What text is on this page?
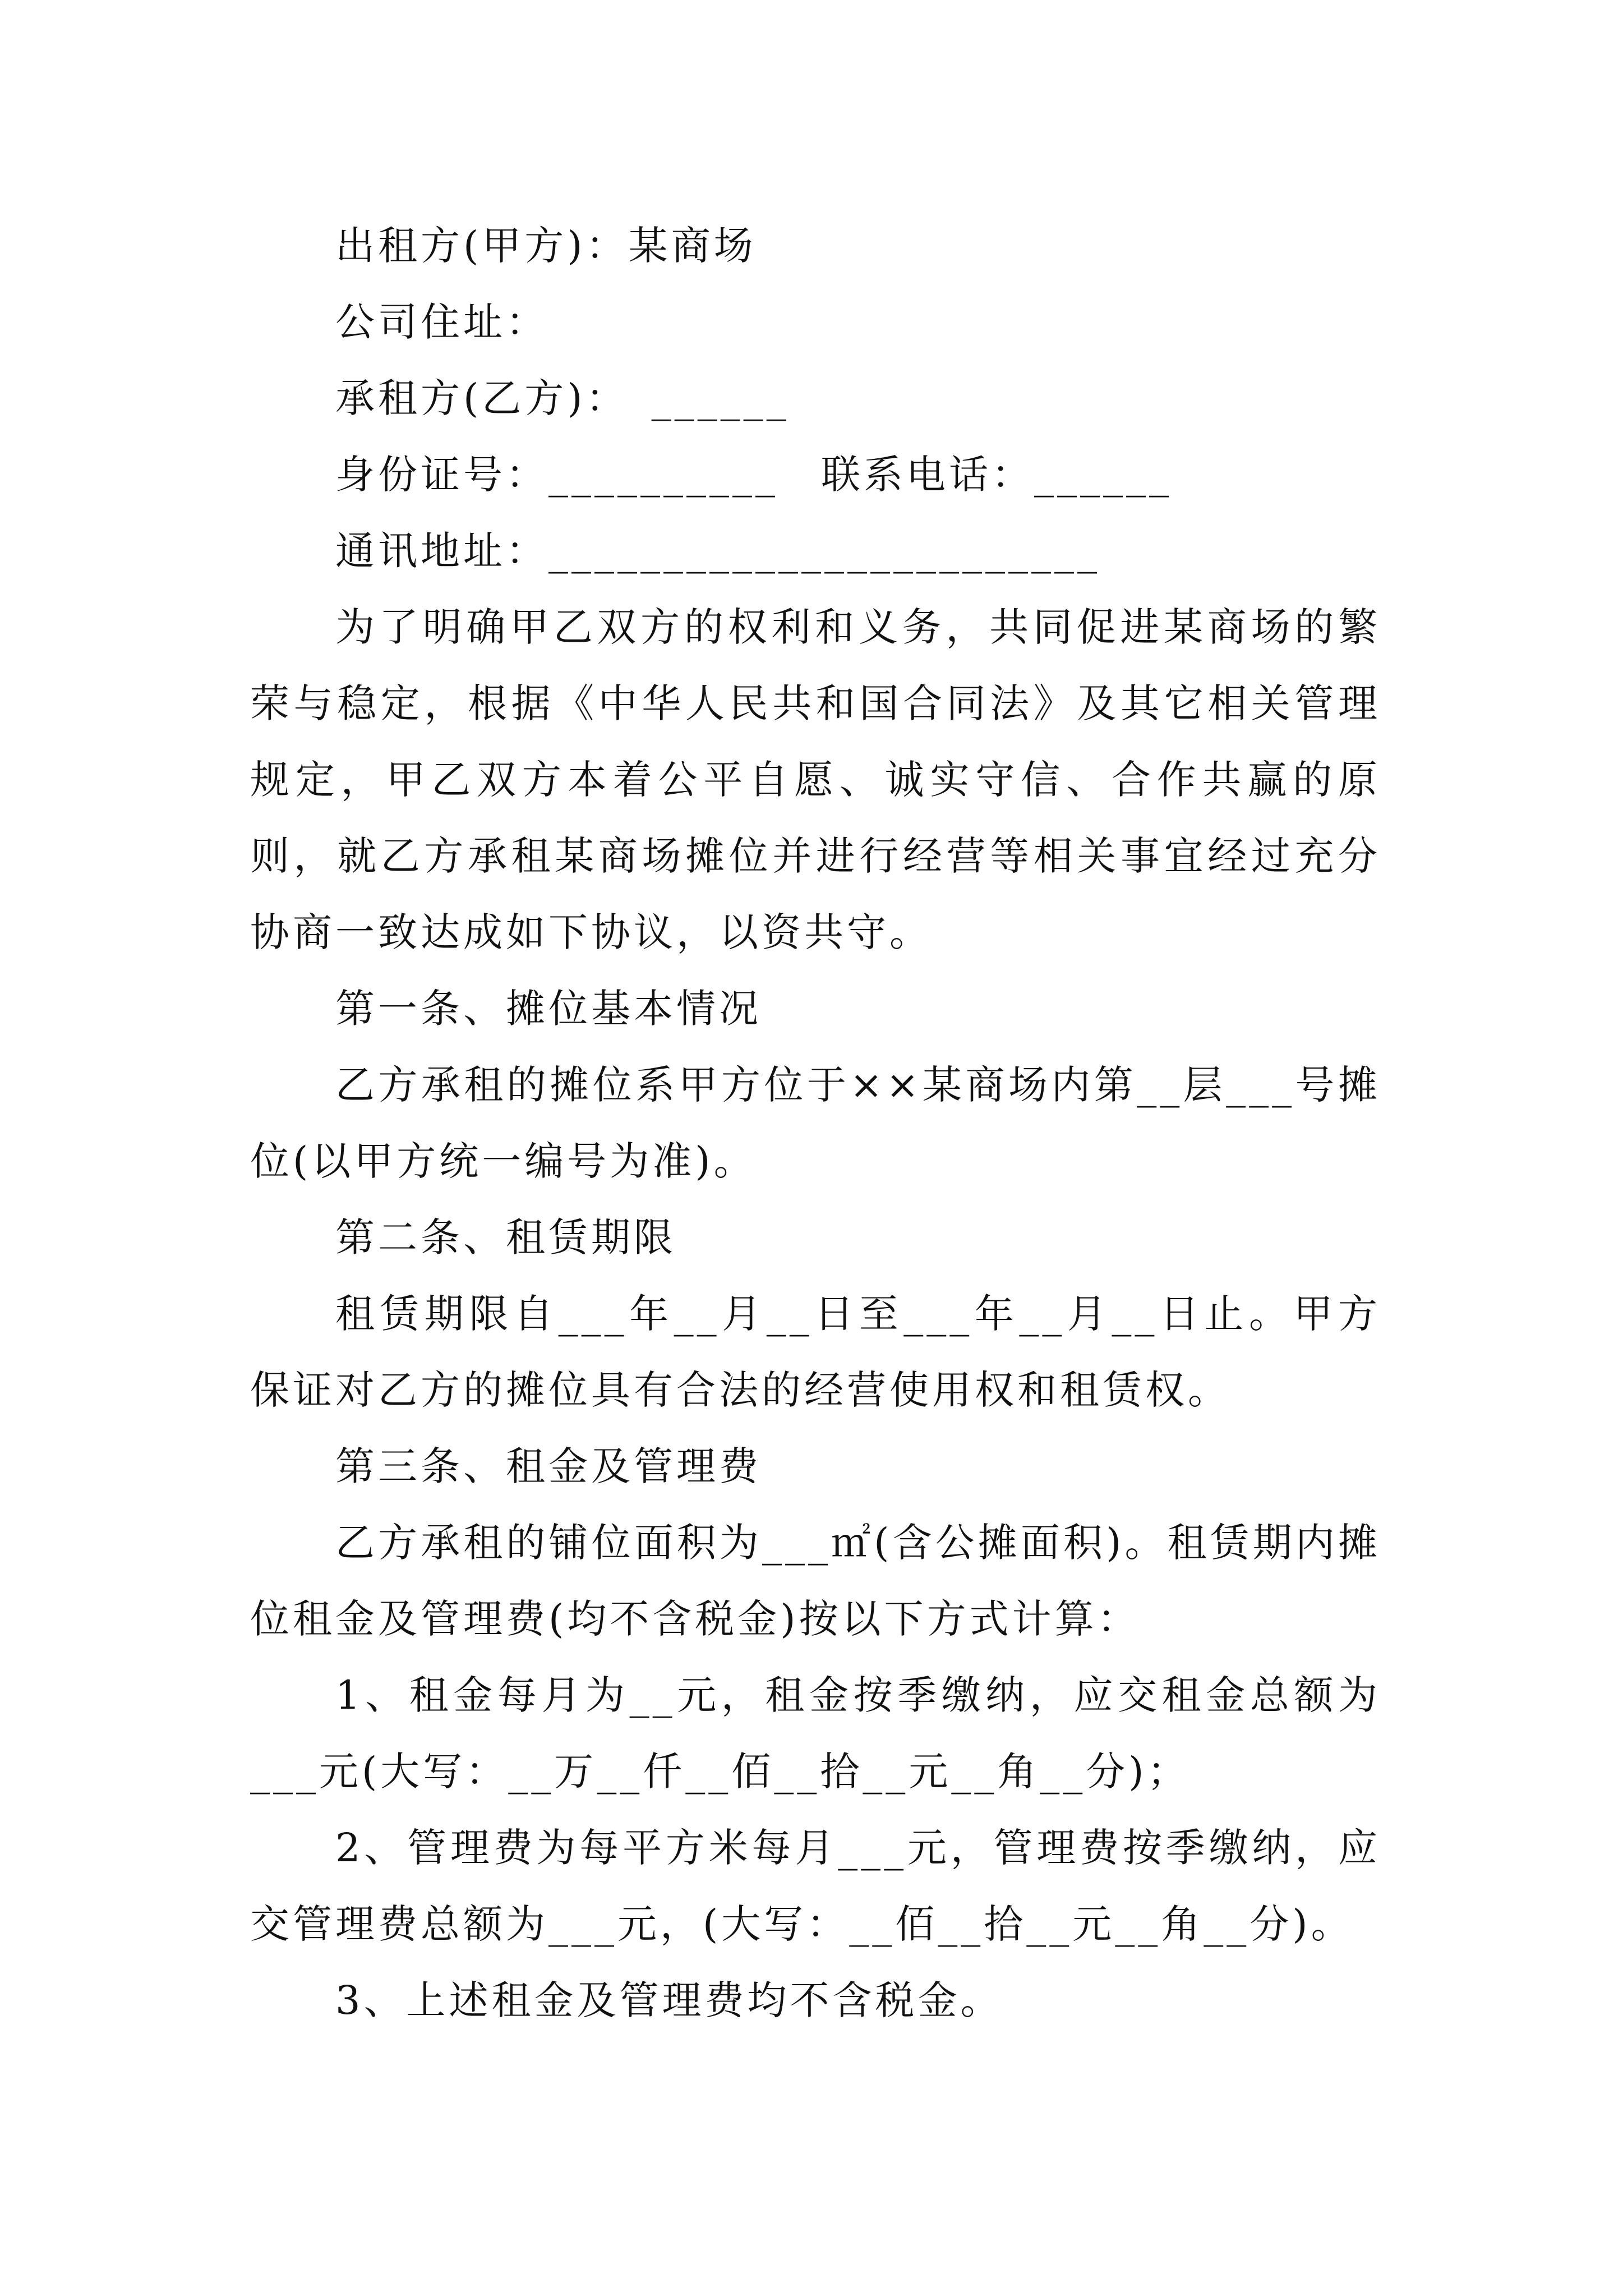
出租方(甲方)：某商场
公司住址：
承租方(乙方)：　______
身份证号：__________　联系电话：______
通讯地址：________________________
为了明确甲乙双方的权利和义务，共同促进某商场的繁荣与稳定，根据《中华人民共和国合同法》及其它相关管理规定，甲乙双方本着公平自愿、诚实守信、合作共赢的原则，就乙方承租某商场摊位并进行经营等相关事宜经过充分协商一致达成如下协议，以资共守。
第一条、摊位基本情况
乙方承租的摊位系甲方位于××某商场内第__层___号摊位(以甲方统一编号为准)。
第二条、租赁期限
租赁期限自___年__月__日至___年__月__日止。甲方保证对乙方的摊位具有合法的经营使用权和租赁权。
第三条、租金及管理费
乙方承租的铺位面积为___㎡(含公摊面积)。租赁期内摊位租金及管理费(均不含税金)按以下方式计算：
1、租金每月为__元，租金按季缴纳，应交租金总额为___元(大写：__万__仟__佰__拾__元__角__分)；
2、管理费为每平方米每月___元，管理费按季缴纳，应交管理费总额为___元，(大写：__佰__拾__元__角__分)。
3、上述租金及管理费均不含税金。
